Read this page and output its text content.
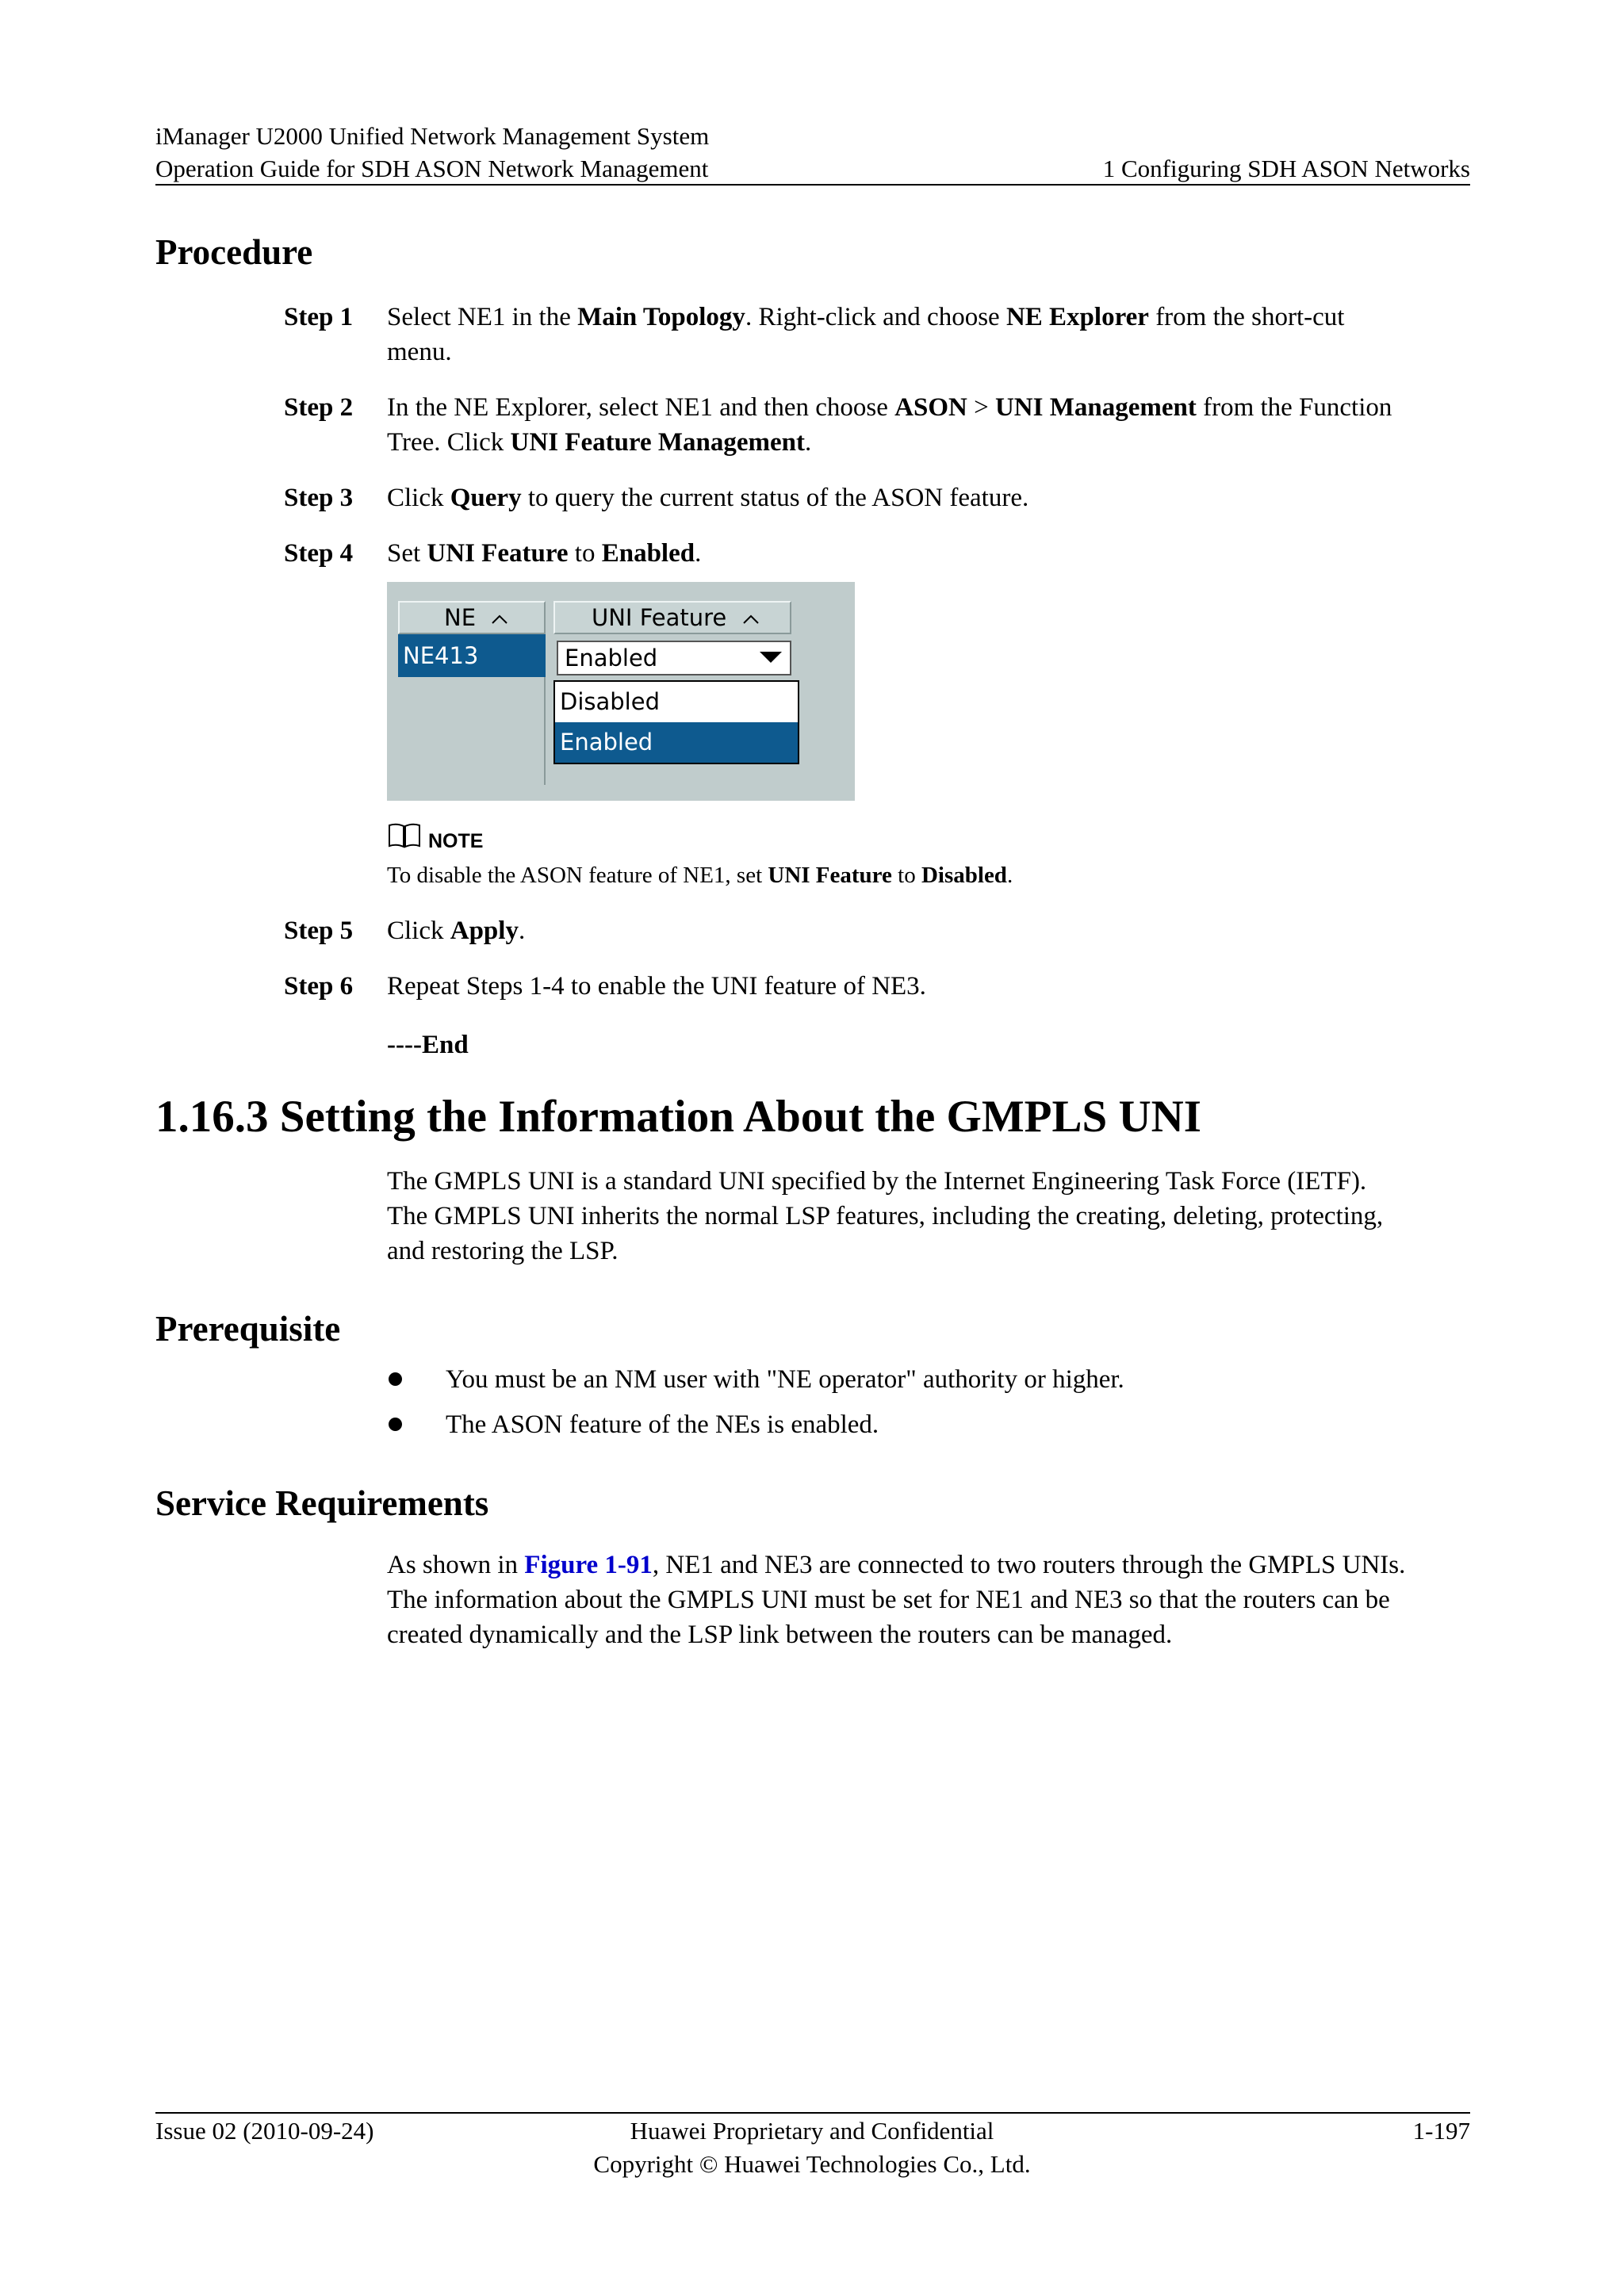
iManager U2000 Unified Network Management System
Operation Guide for SDH ASON Network Management	1 Configuring SDH ASON Networks
Procedure
Step 1 Select NE1 in the Main Topology. Right-click and choose NE Explorer from the short-cut
menu.
Step 2 In the NE Explorer, select NE1 and then choose ASON > UNI Management from the Function
Tree. Click UNI Feature Management.
Step 3 Click Query to query the current status of the ASON feature.
Step 4 Set UNI Feature to Enabled.
NE	UNI Feature
NE413	Enabled
Disabled
Enabled
NOTE
To disable the ASON feature of NE1, set UNI Feature to Disabled.
Step 5 Click Apply.
Step 6 Repeat Steps 1-4 to enable the UNI feature of NE3.
----End
1.16.3 Setting the Information About the GMPLS UNI
The GMPLS UNI is a standard UNI specified by the Internet Engineering Task Force (IETF).
The GMPLS UNI inherits the normal LSP features, including the creating, deleting, protecting,
and restoring the LSP.
Prerequisite
You must be an NM user with "NE operator" authority or higher.
The ASON feature of the NEs is enabled.
Service Requirements
As shown in Figure 1-91, NE1 and NE3 are connected to two routers through the GMPLS UNIs.
The information about the GMPLS UNI must be set for NE1 and NE3 so that the routers can be
created dynamically and the LSP link between the routers can be managed.
Issue 02 (2010-09-24)	Huawei Proprietary and Confidential
Copyright © Huawei Technologies Co., Ltd.
1-197
